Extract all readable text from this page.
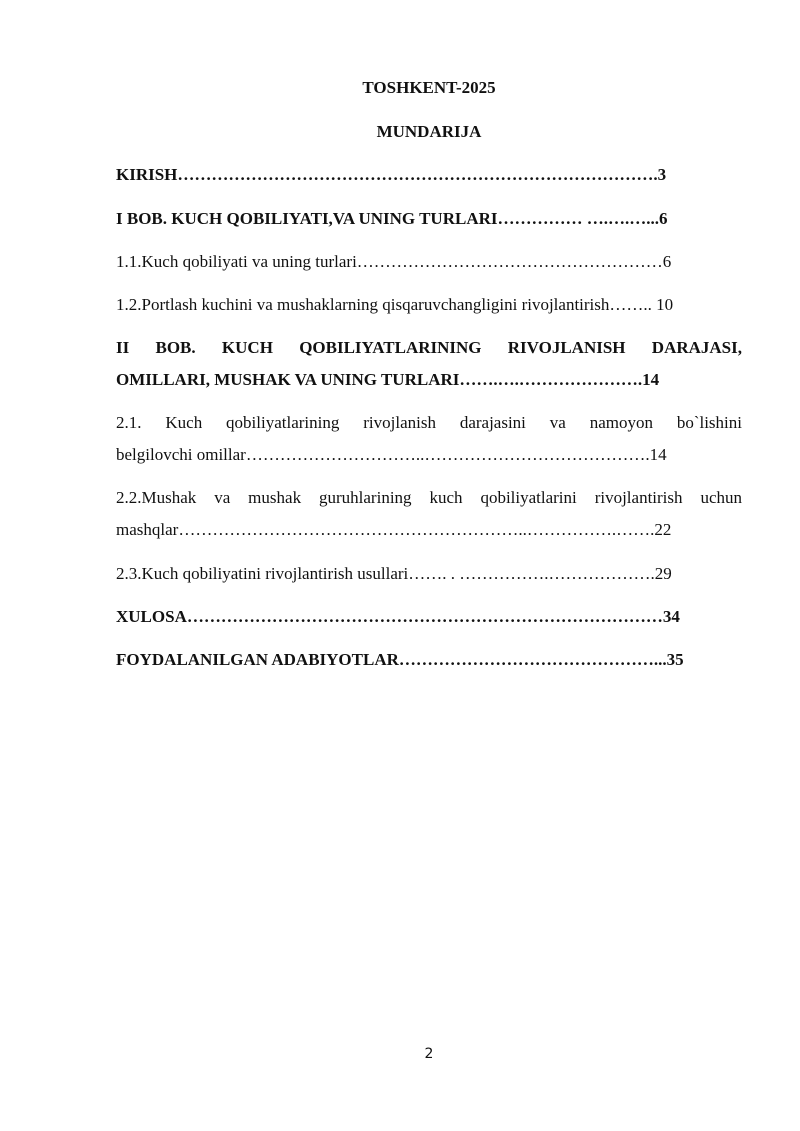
TOSHKENT-2025
MUNDARIJA
KIRISH………………………………………………………………………….3
I BOB. KUCH QOBILIYATI,VA UNING TURLARI…………… ….….…...6
1.1.Kuch qobiliyati va uning turlari………………………………………………6
1.2.Portlash kuchini va mushaklarning qisqaruvchangligini rivojlantirish…….. 10
II BOB. KUCH QOBILIYATLARINING RIVOJLANISH DARAJASI,
OMILLARI, MUSHAK VA UNING TURLARI…….….………………….14
2.1. Kuch qobiliyatlarining rivojlanish darajasini va namoyon bo`lishini
belgilovchi omillar…………………………..………………………………….14
2.2.Mushak va mushak guruhlarining kuch qobiliyatlarini rivojlantirish uchun
mashqlar……………………………………………………..…………….…….22
2.3.Kuch qobiliyatini rivojlantirish usullari……. . …………….……………….29
XULOSA…………………………………………………………………………34
FOYDALANILGAN ADABIYOTLAR………………………………………...35
2
